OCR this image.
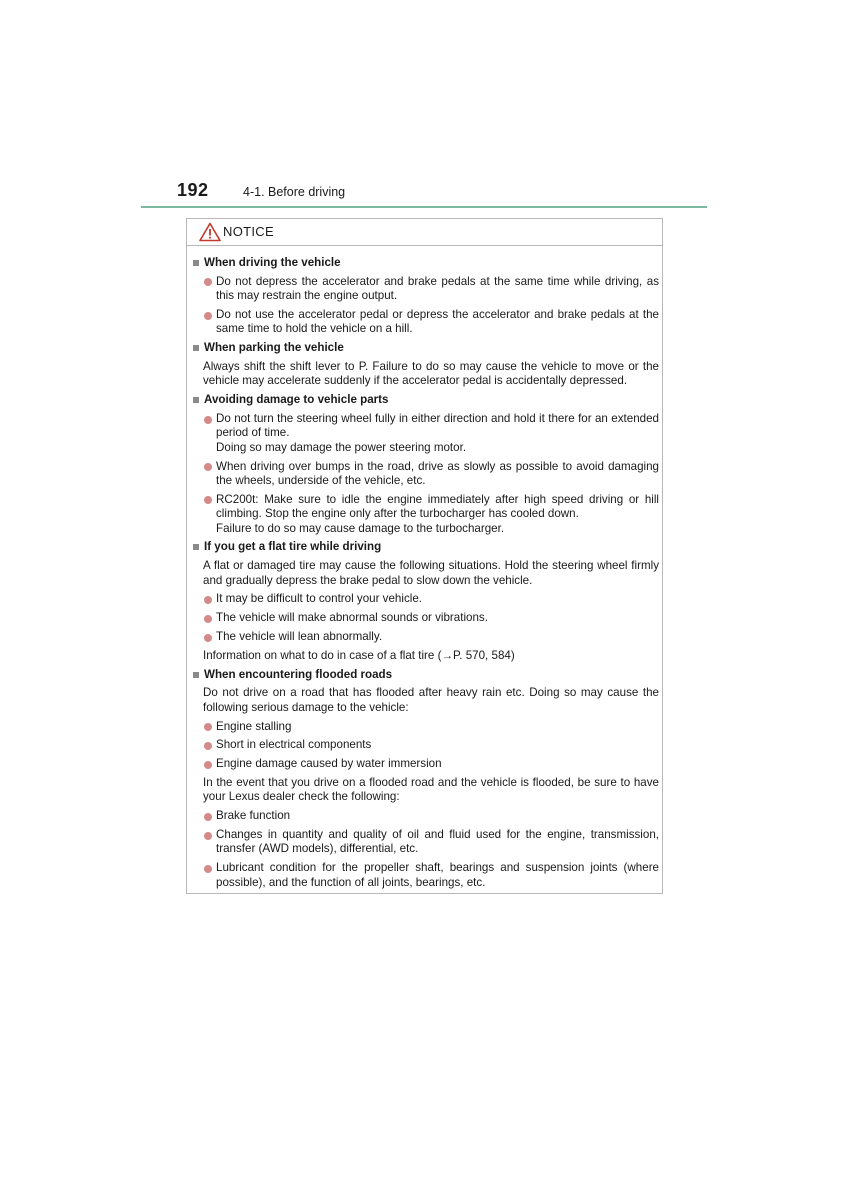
192	4-1. Before driving
NOTICE
When driving the vehicle
Do not depress the accelerator and brake pedals at the same time while driving, as this may restrain the engine output.
Do not use the accelerator pedal or depress the accelerator and brake pedals at the same time to hold the vehicle on a hill.
When parking the vehicle
Always shift the shift lever to P. Failure to do so may cause the vehicle to move or the vehicle may accelerate suddenly if the accelerator pedal is accidentally depressed.
Avoiding damage to vehicle parts
Do not turn the steering wheel fully in either direction and hold it there for an extended period of time.
Doing so may damage the power steering motor.
When driving over bumps in the road, drive as slowly as possible to avoid damaging the wheels, underside of the vehicle, etc.
RC200t: Make sure to idle the engine immediately after high speed driving or hill climbing. Stop the engine only after the turbocharger has cooled down.
Failure to do so may cause damage to the turbocharger.
If you get a flat tire while driving
A flat or damaged tire may cause the following situations. Hold the steering wheel firmly and gradually depress the brake pedal to slow down the vehicle.
It may be difficult to control your vehicle.
The vehicle will make abnormal sounds or vibrations.
The vehicle will lean abnormally.
Information on what to do in case of a flat tire (→P. 570, 584)
When encountering flooded roads
Do not drive on a road that has flooded after heavy rain etc. Doing so may cause the following serious damage to the vehicle:
Engine stalling
Short in electrical components
Engine damage caused by water immersion
In the event that you drive on a flooded road and the vehicle is flooded, be sure to have your Lexus dealer check the following:
Brake function
Changes in quantity and quality of oil and fluid used for the engine, transmission, transfer (AWD models), differential, etc.
Lubricant condition for the propeller shaft, bearings and suspension joints (where possible), and the function of all joints, bearings, etc.
